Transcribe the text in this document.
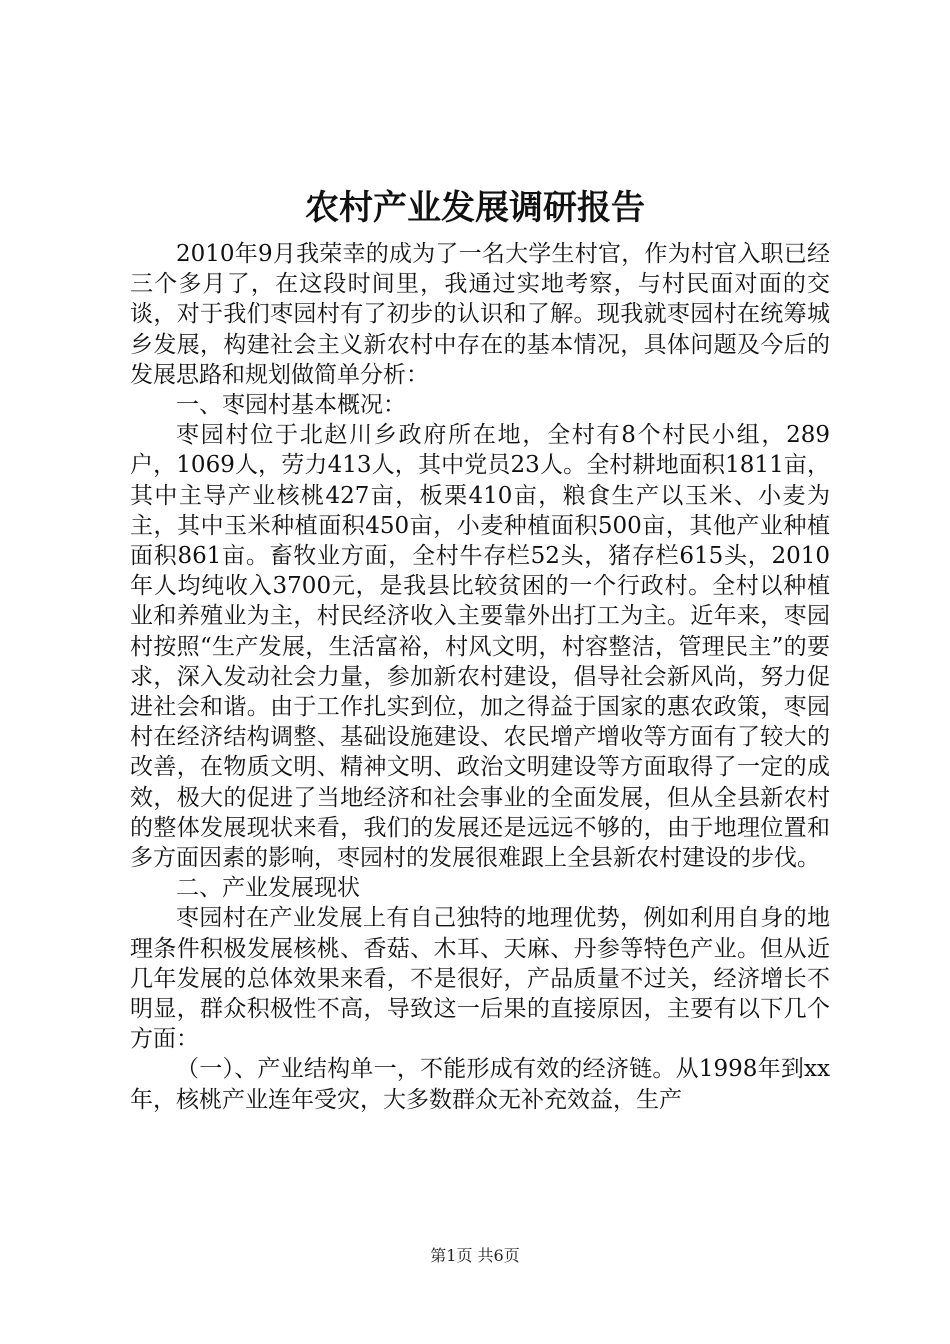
农村产业发展调研报告

2010年9月我荣幸的成为了一名大学生村官，作为村官入职已经三个多月了，在这段时间里，我通过实地考察，与村民面对面的交谈，对于我们枣园村有了初步的认识和了解。现我就枣园村在统筹城乡发展，构建社会主义新农村中存在的基本情况，具体问题及今后的发展思路和规划做简单分析：

一、枣园村基本概况：

枣园村位于北赵川乡政府所在地，全村有8个村民小组，289户，1069人，劳力413人，其中党员23人。全村耕地面积1811亩，其中主导产业核桃427亩，板栗410亩，粮食生产以玉米、小麦为主，其中玉米种植面积450亩，小麦种植面积500亩，其他产业种植面积861亩。畜牧业方面，全村牛存栏52头，猪存栏615头，2010年人均纯收入3700元，是我县比较贫困的一个行政村。全村以种植业和养殖业为主，村民经济收入主要靠外出打工为主。近年来，枣园村按照“生产发展，生活富裕，村风文明，村容整洁，管理民主”的要求，深入发动社会力量，参加新农村建设，倡导社会新风尚，努力促进社会和谐。由于工作扎实到位，加之得益于国家的惠农政策，枣园村在经济结构调整、基础设施建设、农民增产增收等方面有了较大的改善，在物质文明、精神文明、政治文明建设等方面取得了一定的成效，极大的促进了当地经济和社会事业的全面发展，但从全县新农村的整体发展现状来看，我们的发展还是远远不够的，由于地理位置和多方面因素的影响，枣园村的发展很难跟上全县新农村建设的步伐。

二、产业发展现状

枣园村在产业发展上有自己独特的地理优势，例如利用自身的地理条件积极发展核桃、香菇、木耳、天麻、丹参等特色产业。但从近几年发展的总体效果来看，不是很好，产品质量不过关，经济增长不明显，群众积极性不高，导致这一后果的直接原因，主要有以下几个方面：

（一）、产业结构单一，不能形成有效的经济链。从1998年到xx年，核桃产业连年受灾，大多数群众无补充效益，生产

第1页 共6页
